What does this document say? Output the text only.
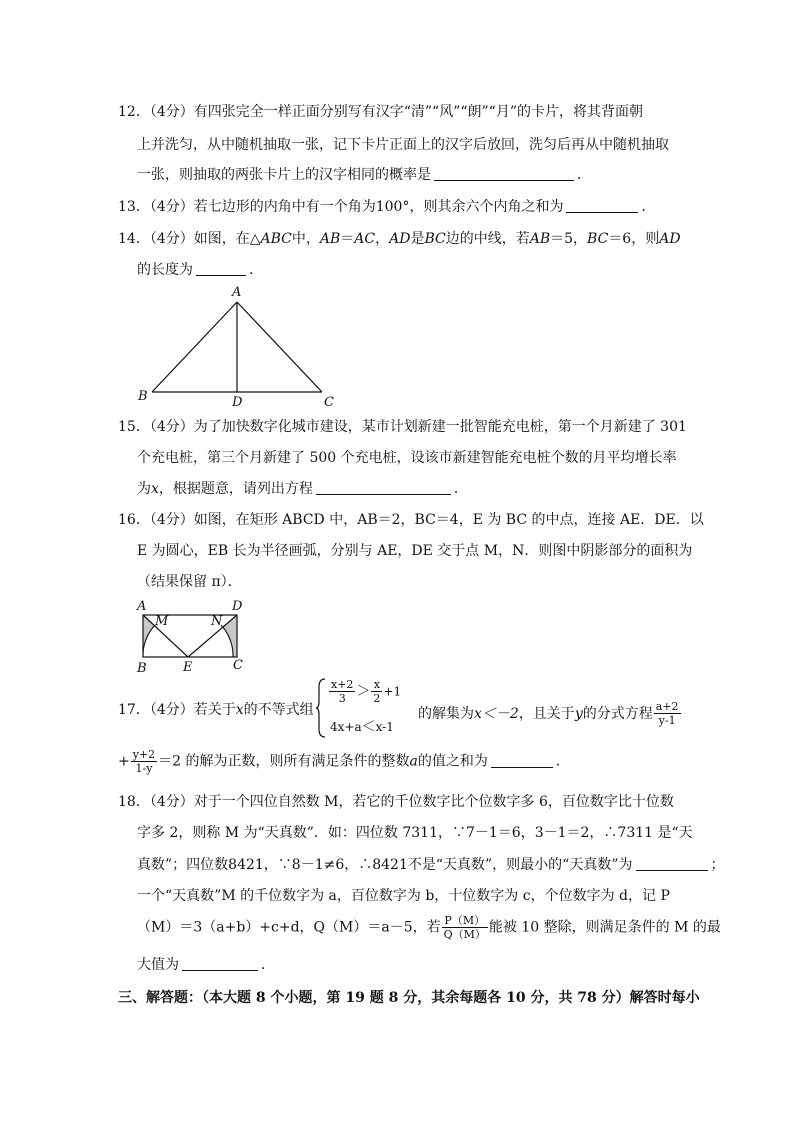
12．（4分）有四张完全一样正面分别写有汉字“清”“风”“朗”“月”的卡片，将其背面朝
上并洗匀，从中随机抽取一张，记下卡片正面上的汉字后放回，洗匀后再从中随机抽取
一张，则抽取的两张卡片上的汉字相同的概率是	．
13．（4分）若七边形的内角中有一个角为100°，则其余六个内角之和为	．
14．（4分）如图，在△ABC中，AB＝AC，AD是BC边的中线，若AB＝5，BC＝6，则AD
的长度为	．
A
B	C
D
15．（4分）为了加快数字化城市建设，某市计划新建一批智能充电桩，第一个月新建了 301
个充电桩，第三个月新建了 500 个充电桩，设该市新建智能充电桩个数的月平均增长率
为x，根据题意，请列出方程	．
16．（4分）如图，在矩形 ABCD 中，AB＝2，BC＝4，E 为 BC 的中点，连接 AE．DE．以
E 为圆心，EB 长为半径画弧，分别与 AE，DE 交于点 M，N．则图中阴影部分的面积为
（结果保留 π）．
A	D
B	C
E
M	N
17．（4分）若关于x的不等式组
$\frac{x+2}{3} > \frac{x}{2} +1$
4x+a＜x-1
的解集为x＜－2，且关于y的分式方程 $\frac{a+2}{y-1}$
+ $\frac{y+2}{1-y} =2$ 的解为正数，则所有满足条件的整数a的值之和为	．
18．（4分）对于一个四位自然数 M，若它的千位数字比个位数字多 6，百位数字比十位数
字多 2，则称 M 为“天真数”．如：四位数 7311，∵7－1＝6，3－1＝2，∴7311 是“天
真数”；四位数8421，∵8－1≠6，∴8421不是“天真数”，则最小的“天真数”为	；
一个“天真数”M 的千位数字为 a，百位数字为 b，十位数字为 c，个位数字为 d，记 P
（M）＝3（a+b）+c+d，Q（M）＝a－5，若 $\frac{P(M)}{Q(M)}$ 能被 10 整除，则满足条件的 M 的最
大值为	．
三、解答题：（本大题 8 个小题，第 19 题 8 分，其余每题各 10 分，共 78 分）解答时每小
